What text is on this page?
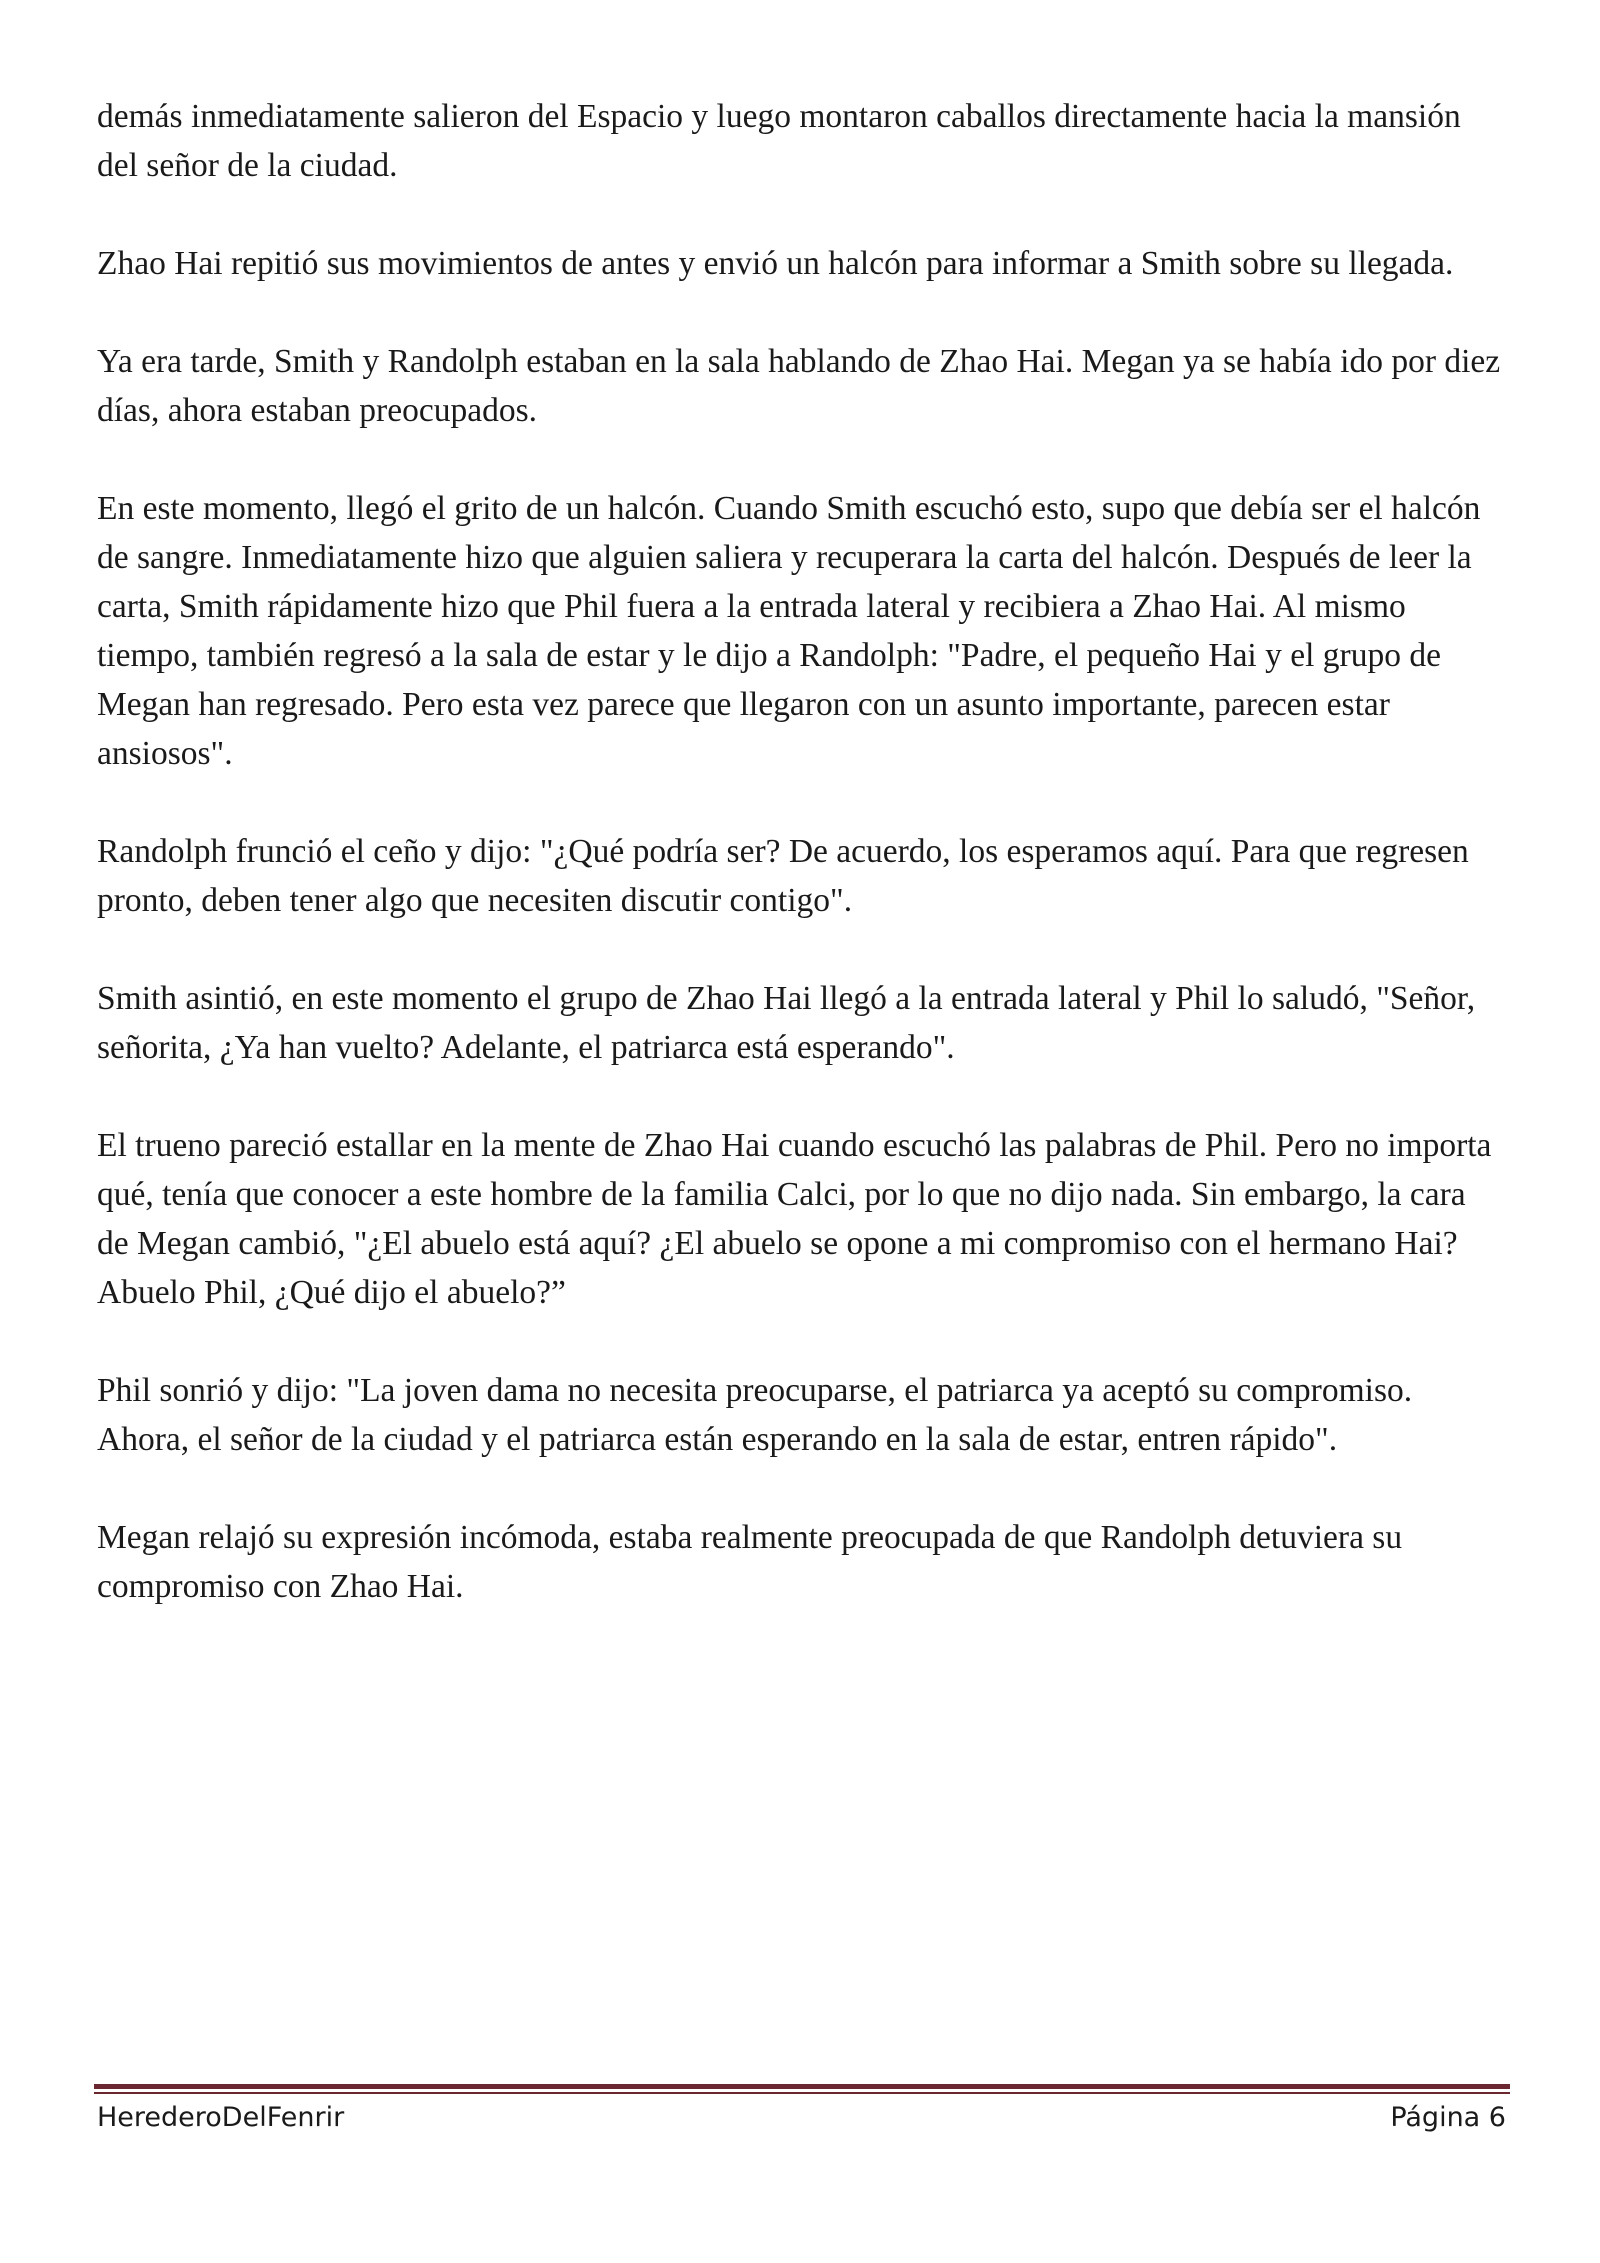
demás inmediatamente salieron del Espacio y luego montaron caballos directamente hacia la mansión del señor de la ciudad.

Zhao Hai repitió sus movimientos de antes y envió un halcón para informar a Smith sobre su llegada.

Ya era tarde, Smith y Randolph estaban en la sala hablando de Zhao Hai. Megan ya se había ido por diez días, ahora estaban preocupados.

En este momento, llegó el grito de un halcón. Cuando Smith escuchó esto, supo que debía ser el halcón de sangre. Inmediatamente hizo que alguien saliera y recuperara la carta del halcón. Después de leer la carta, Smith rápidamente hizo que Phil fuera a la entrada lateral y recibiera a Zhao Hai. Al mismo tiempo, también regresó a la sala de estar y le dijo a Randolph: "Padre, el pequeño Hai y el grupo de Megan han regresado. Pero esta vez parece que llegaron con un asunto importante, parecen estar ansiosos".

Randolph frunció el ceño y dijo: "¿Qué podría ser? De acuerdo, los esperamos aquí. Para que regresen pronto, deben tener algo que necesiten discutir contigo".

Smith asintió, en este momento el grupo de Zhao Hai llegó a la entrada lateral y Phil lo saludó, "Señor, señorita, ¿Ya han vuelto? Adelante, el patriarca está esperando".

El trueno pareció estallar en la mente de Zhao Hai cuando escuchó las palabras de Phil. Pero no importa qué, tenía que conocer a este hombre de la familia Calci, por lo que no dijo nada. Sin embargo, la cara de Megan cambió, "¿El abuelo está aquí? ¿El abuelo se opone a mi compromiso con el hermano Hai? Abuelo Phil, ¿Qué dijo el abuelo?”

Phil sonrió y dijo: "La joven dama no necesita preocuparse, el patriarca ya aceptó su compromiso. Ahora, el señor de la ciudad y el patriarca están esperando en la sala de estar, entren rápido".

Megan relajó su expresión incómoda, estaba realmente preocupada de que Randolph detuviera su compromiso con Zhao Hai.

HerederoDelFenrir	Página 6
